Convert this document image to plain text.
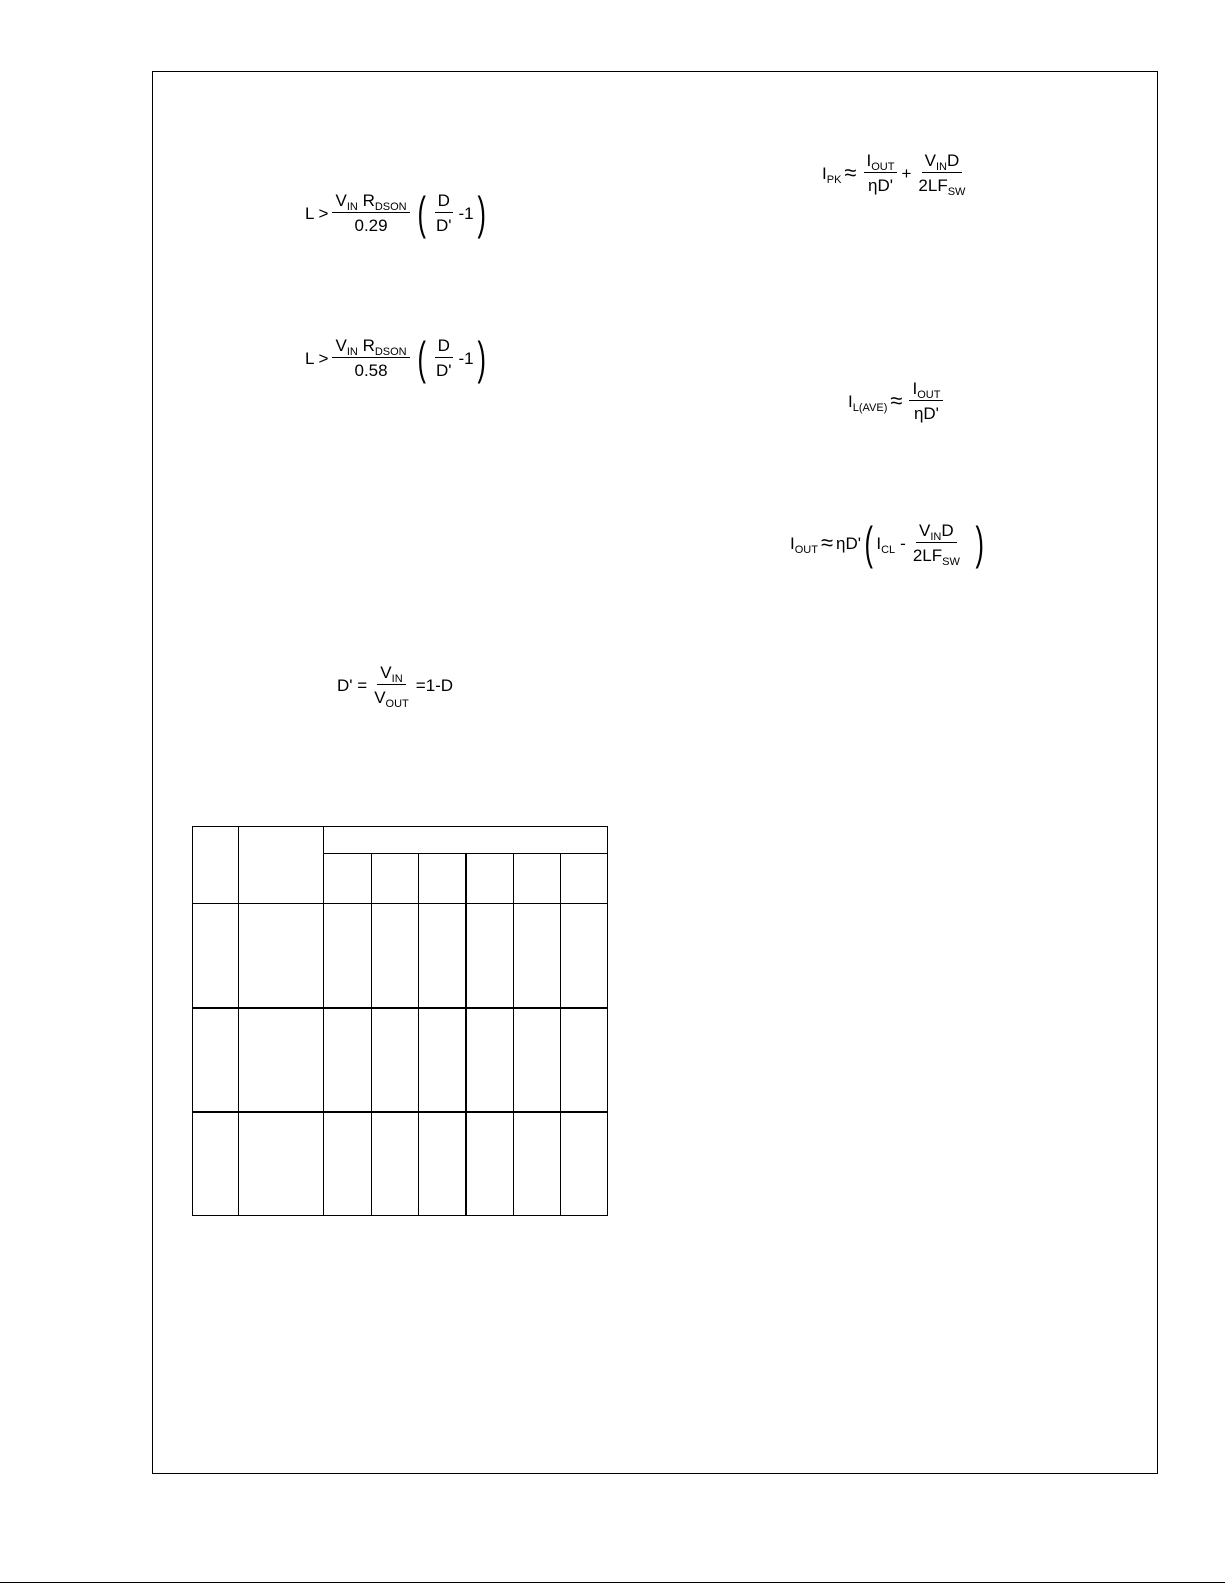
$L > \frac{V_{IN} R_{DSON}}{0.29}$ ( $\frac{D}{D'} -1$ )
$L > \frac{V_{IN} R_{DSON}}{0.58}$ ( $\frac{D}{D'} -1$ )
$D' = \frac{V_{IN}}{V_{OUT}} =1-D$
$I_{PK} \approx \frac{I_{OUT}}{\eta D'} + \frac{V_{IN}D}{2LF_{SW}}$
$I_{L(AVE)} \approx \frac{I_{OUT}}{\eta D'}$
$I_{OUT} \approx \eta D'$ ( $I_{CL} - \frac{V_{IN}D}{2LF_{SW}}$ )
